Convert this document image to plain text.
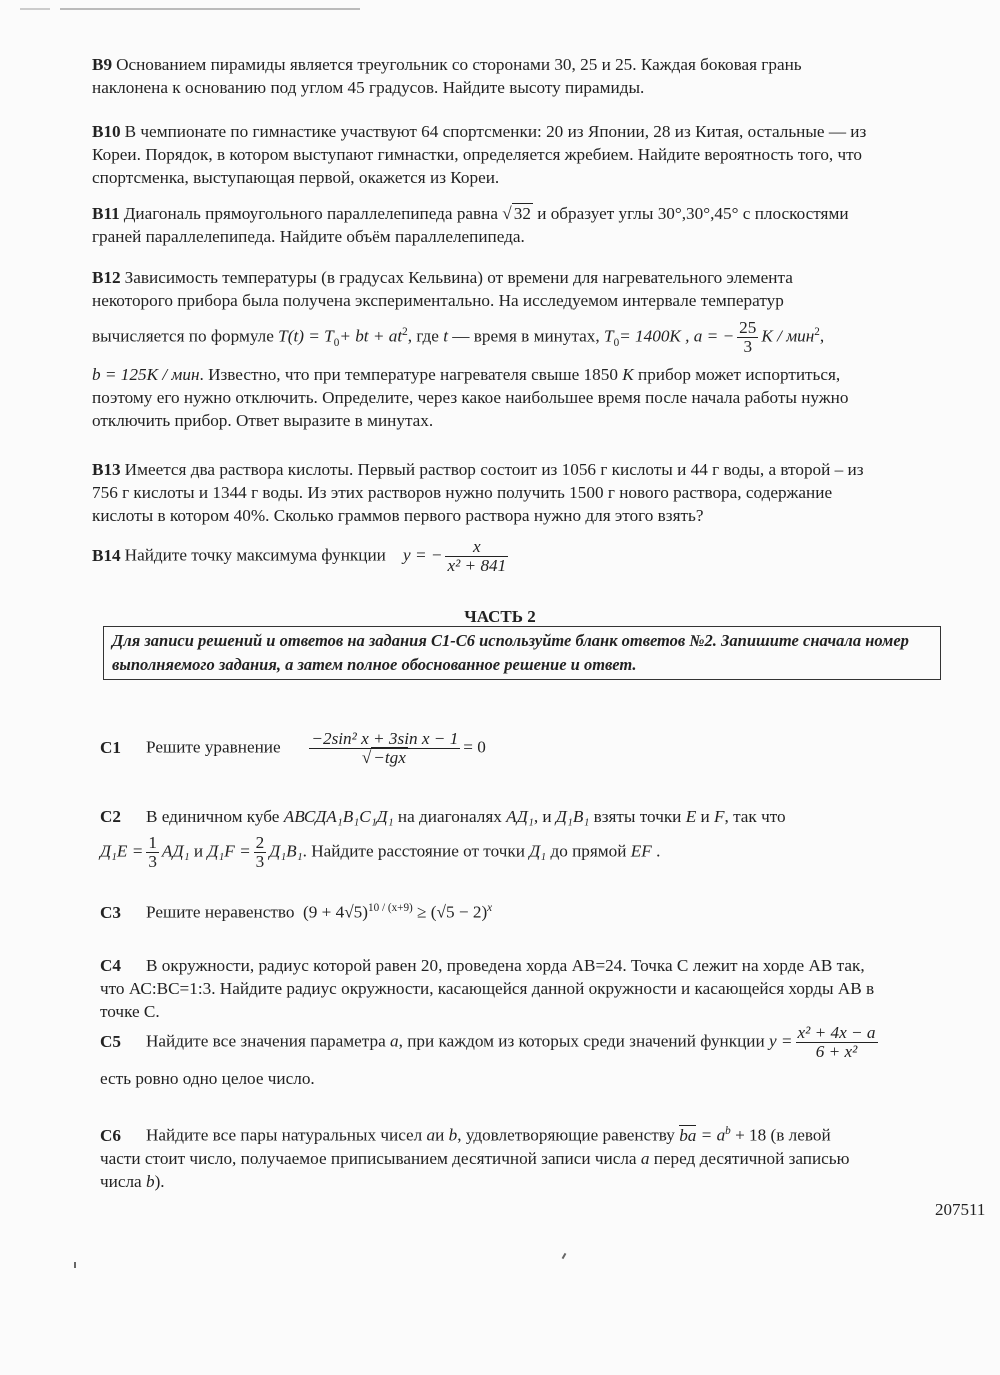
B9 Основанием пирамиды является треугольник со сторонами 30, 25 и 25. Каждая боковая грань
наклонена к основанию под углом 45 градусов. Найдите высоту пирамиды.
B10 В чемпионате по гимнастике участвуют 64 спортсменки: 20 из Японии, 28 из Китая, остальные — из
Кореи. Порядок, в котором выступают гимнастки, определяется жребием. Найдите вероятность того, что
спортсменка, выступающая первой, окажется из Кореи.
B11 Диагональ прямоугольного параллелепипеда равна √ 32 и образует углы 30°,30°,45° с плоскостями
граней параллелепипеда. Найдите объём параллелепипеда.
B12 Зависимость температуры (в градусах Кельвина) от времени для нагревательного элемента
некоторого прибора была получена экспериментально. На исследуемом интервале температур
вычисляется по формуле $T(t) = T_0+$ bt + $at^2$, где t — время в минутах, $T_0= 1400K$ , a = − $\frac{25}{3}$ K / мин$^2$,
b = 125K / мин. Известно, что при температуре нагревателя свыше 1850 K прибор может испортиться,
поэтому его нужно отключить. Определите, через какое наибольшее время после начала работы нужно
отключить прибор. Ответ выразите в минутах.
B13 Имеется два раствора кислоты. Первый раствор состоит из 1056 г кислоты и 44 г воды, а второй – из
756 г кислоты и 1344 г воды. Из этих растворов нужно получить 1500 г нового раствора, содержание
кислоты в котором 40%. Сколько граммов первого раствора нужно для этого взять?
B14 Найдите точку максимума функции y = − $\frac{x}{\text{x² + 841}}$
ЧАСТЬ 2
Для записи решений и ответов на задания С1-С6 используйте бланк ответов №2. Запишите сначала номер выполняемого задания, а затем полное обоснованное решение и ответ.
C1 Решите уравнение $\frac{\text{−2sin² x + 3sin x − 1}}{\text{√ −tgx}} = 0$
C2 В единичном кубе АВСДА₁В₁С₁Д₁ на диагоналях АД₁, и Д₁В₁ взяты точки E и F, так что
$Д_1E = \frac{1}{3} АД_1$ и $Д_1F = \frac{2}{3} Д_1В_1$. Найдите расстояние от точки Д₁ до прямой EF .
C3 Решите неравенство $(9 + 4√5)^{10 / (x+9)} \ge (√5 - 2)^x$
C4 В окружности, радиус которой равен 20, проведена хорда АВ=24. Точка С лежит на хорде АВ так,
что АС:ВС=1:3. Найдите радиус окружности, касающейся данной окружности и касающейся хорды АВ в
точке С.
C5 Найдите все значения параметра a, при каждом из которых среди значений функции $y = \frac{\text{x² + 4x − a}}{\text{6 + x²}}$
есть ровно одно целое число.
C6 Найдите все пары натуральных чисел aи b, удовлетворяющие равенству ba = $a^b + 18$ (в левой
части стоит число, получаемое приписыванием десятичной записи числа a перед десятичной записью
числа b).
207511
